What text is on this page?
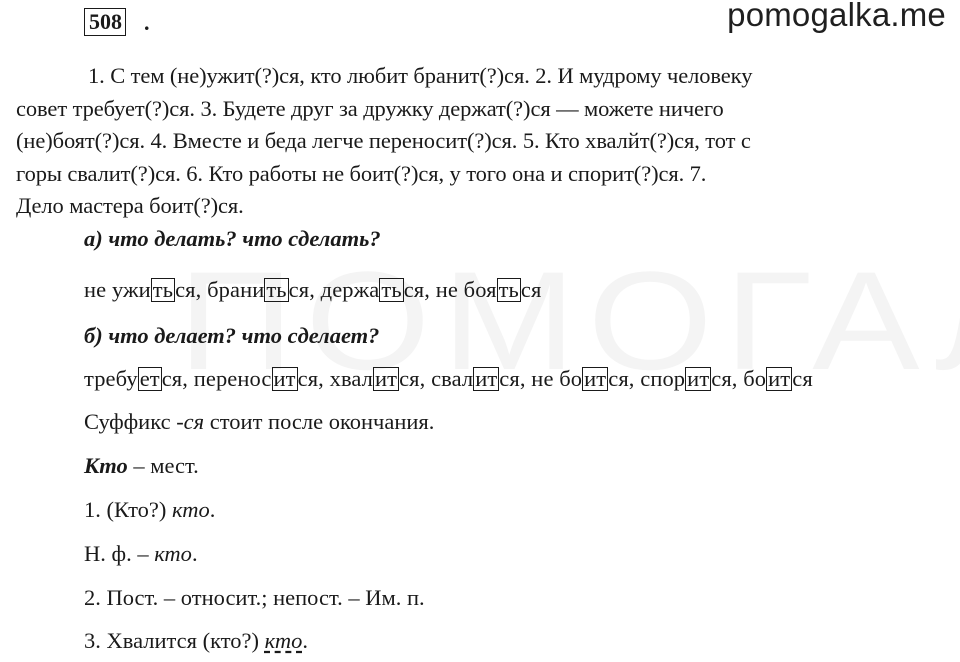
pomogalka.me
508 .
1. С тем (не)ужит(?)ся, кто любит бранит(?)ся. 2. И мудрому человеку
совет требует(?)ся. 3. Будете друг за дружку держат(?)ся — можете ничего
(не)боят(?)ся. 4. Вместе и беда легче переносит(?)ся. 5. Кто хвалйт(?)ся, тот с
горы свалит(?)ся. 6. Кто работы не боит(?)ся, у того она и спорит(?)ся. 7.
Дело мастера боит(?)ся.
а) что делать? что сделать?
не ужиться, браниться, держаться, не бояться
б) что делает? что сделает?
требуется, переносится, хвалится, свалится, не боится, спорится, боится
Суффикс -ся стоит после окончания.
Кто – мест.
1. (Кто?) кто.
Н. ф. – кто.
2. Пост. – относит.; непост. – Им. п.
3. Хвалится (кто?) кто.
